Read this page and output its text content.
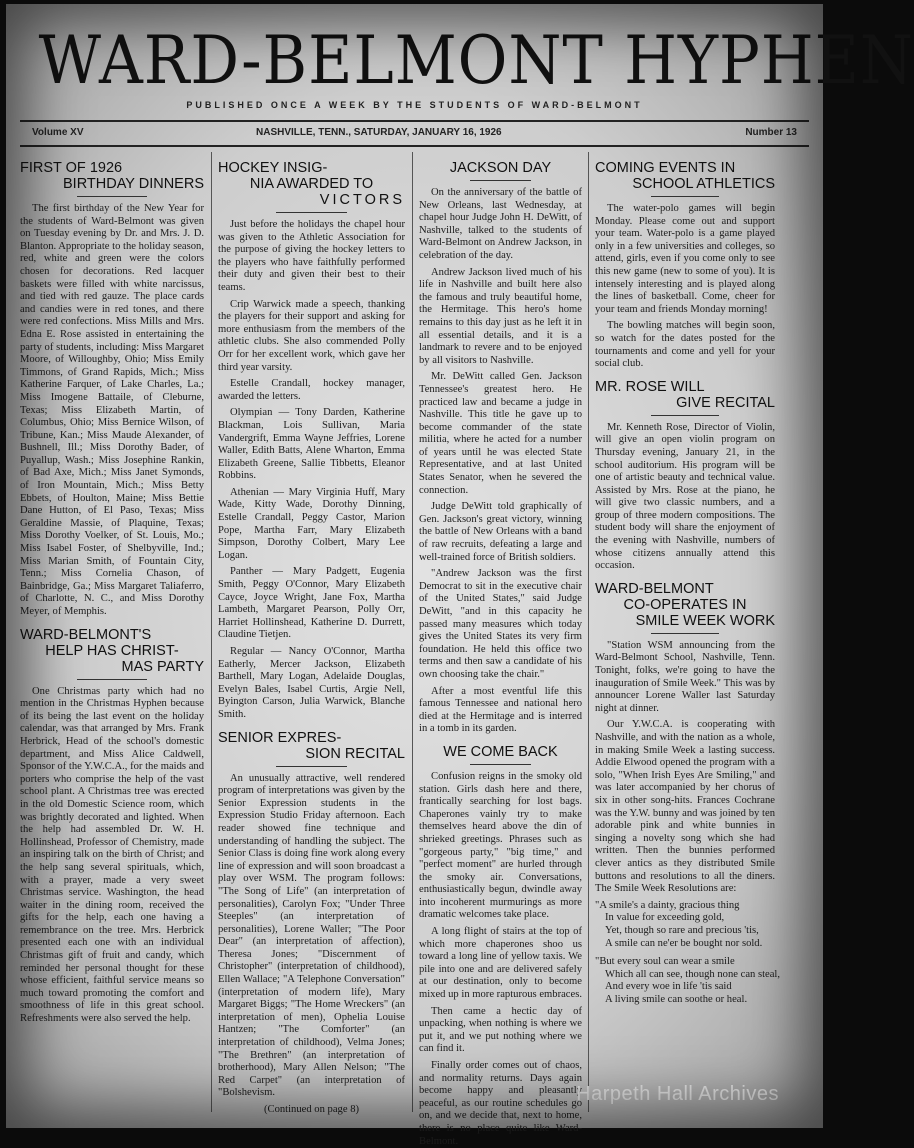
WARD-BELMONT HYPHEN
PUBLISHED ONCE A WEEK BY THE STUDENTS OF WARD-BELMONT
Volume XV	NASHVILLE, TENN., SATURDAY, JANUARY 16, 1926	Number 13
FIRST OF 1926
BIRTHDAY DINNERS

The first birthday of the New Year for the students of Ward-Belmont was given on Tuesday evening by Dr. and Mrs. J. D. Blanton. Appropriate to the holiday season, red, white and green were the colors chosen for decorations. Red lacquer baskets were filled with white narcissus, and tied with red gauze. The place cards and candies were in red tones, and there were red confections. Miss Mills and Mrs. Edna E. Rose assisted in entertaining the party of students, including: Miss Margaret Moore, of Willoughby, Ohio; Miss Emily Timmons, of Grand Rapids, Mich.; Miss Katherine Farquer, of Lake Charles, La.; Miss Imogene Battaile, of Cleburne, Texas; Miss Elizabeth Martin, of Columbus, Ohio; Miss Bernice Wilson, of Tribune, Kan.; Miss Maude Alexander, of Bushnell, Ill.; Miss Dorothy Bader, of Puyallup, Wash.; Miss Josephine Rankin, of Bad Axe, Mich.; Miss Janet Symonds, of Iron Mountain, Mich.; Miss Betty Ebbets, of Houlton, Maine; Miss Bettie Dane Hutton, of El Paso, Texas; Miss Geraldine Massie, of Plaquine, Texas; Miss Dorothy Voelker, of St. Louis, Mo.; Miss Isabel Foster, of Shelbyville, Ind.; Miss Marian Smith, of Fountain City, Tenn.; Miss Cornelia Chason, of Bainbridge, Ga.; Miss Margaret Taliaferro, of Charlotte, N. C., and Miss Dorothy Meyer, of Memphis.

WARD-BELMONT'S
HELP HAS CHRIST-
MAS PARTY

One Christmas party which had no mention in the Christmas Hyphen because of its being the last event on the holiday calendar, was that arranged by Mrs. Frank Herbrick, Head of the school's domestic department, and Miss Alice Caldwell, Sponsor of the Y.W.C.A., for the maids and porters who comprise the help of the vast school plant. A Christmas tree was erected in the old Domestic Science room, which was brightly decorated and lighted. When the help had assembled Dr. W. H. Hollinshead, Professor of Chemistry, made an inspiring talk on the birth of Christ; and the help sang several spirituals, which, with a prayer, made a very sweet Christmas service. Washington, the head waiter in the dining room, received the gifts for the help, each one having a remembrance on the tree. Mrs. Herbrick presented each one with an individual Christmas gift of fruit and candy, which reminded her personal thought for these whose efficient, faithful service means so much toward promoting the comfort and smoothness of life in this great school. Refreshments were also served the help.

HOCKEY INSIG-
NIA AWARDED TO
VICTORS

Just before the holidays the chapel hour was given to the Athletic Association for the purpose of giving the hockey letters to the players who have faithfully performed their duty and given their best to their teams.

Crip Warwick made a speech, thanking the players for their support and asking for more enthusiasm from the members of the athletic clubs. She also commended Polly Orr for her excellent work, which gave her third year varsity.

Estelle Crandall, hockey manager, awarded the letters.

Olympian — Tony Darden, Katherine Blackman, Lois Sullivan, Maria Vandergrift, Emma Wayne Jeffries, Lorene Waller, Edith Batts, Alene Wharton, Emma Elizabeth Greene, Sallie Tibbetts, Eleanor Robbins.

Athenian — Mary Virginia Huff, Mary Wade, Kitty Wade, Dorothy Dinning, Estelle Crandall, Peggy Castor, Marion Pope, Martha Farr, Mary Elizabeth Simpson, Dorothy Colbert, Mary Lee Logan.

Panther — Mary Padgett, Eugenia Smith, Peggy O'Connor, Mary Elizabeth Cayce, Joyce Wright, Jane Fox, Martha Lambeth, Margaret Pearson, Polly Orr, Harriet Hollinshead, Katherine D. Durrett, Claudine Tietjen.

Regular — Nancy O'Connor, Martha Eatherly, Mercer Jackson, Elizabeth Barthell, Mary Logan, Adelaide Douglas, Evelyn Bales, Isabel Curtis, Argie Nell, Byington Carson, Julia Warwick, Blanche Smith.

SENIOR EXPRES-
SION RECITAL

An unusually attractive, well rendered program of interpretations was given by the Senior Expression students in the Expression Studio Friday afternoon. Each reader showed fine technique and understanding of handling the subject. The Senior Class is doing fine work along every line of expression and will soon broadcast a play over WSM. The program follows: "The Song of Life" (an interpretation of personalities), Carolyn Fox; "Under Three Steeples" (an interpretation of personalities), Lorene Waller; "The Poor Dear" (an interpretation of affection), Theresa Jones; "Discernment of Christopher" (interpretation of childhood), Ellen Wallace; "A Telephone Conversation" (interpretation of modern life), Mary Margaret Biggs; "The Home Wreckers" (an interpretation of men), Ophelia Louise Hantzen; "The Comforter" (an interpretation of childhood), Velma Jones; "The Brethren" (an interpretation of brotherhood), Mary Allen Nelson; "The Red Carpet" (an interpretation of "Bolshevism.

(Continued on page 8)

JACKSON DAY

On the anniversary of the battle of New Orleans, last Wednesday, at chapel hour Judge John H. DeWitt, of Nashville, talked to the students of Ward-Belmont on Andrew Jackson, in celebration of the day.

Andrew Jackson lived much of his life in Nashville and built here also the famous and truly beautiful home, the Hermitage. This hero's home remains to this day just as he left it in all essential details, and it is a landmark to revere and to be enjoyed by all visitors to Nashville.

Mr. DeWitt called Gen. Jackson Tennessee's greatest hero. He practiced law and became a judge in Nashville. This title he gave up to become commander of the state militia, where he acted for a number of years until he was elected State Representative, and at last United States Senator, when he severed the connection.

Judge DeWitt told graphically of Gen. Jackson's great victory, winning the battle of New Orleans with a band of raw recruits, defeating a large and well-trained force of British soldiers.

"Andrew Jackson was the first Democrat to sit in the executive chair of the United States," said Judge DeWitt, "and in this capacity he passed many measures which today gives the United States its very firm foundation. He held this office two terms and then saw a candidate of his own choosing take the chair."

After a most eventful life this famous Tennessee and national hero died at the Hermitage and is interred in a tomb in its garden.

WE COME BACK

Confusion reigns in the smoky old station. Girls dash here and there, frantically searching for lost bags. Chaperones vainly try to make themselves heard above the din of shrieked greetings. Phrases such as "gorgeous party," "big time," and "perfect moment" are hurled through the smoky air. Conversations, enthusiastically begun, dwindle away into incoherent murmurings as more dramatic welcomes take place.

A long flight of stairs at the top of which more chaperones shoo us toward a long line of yellow taxis. We pile into one and are delivered safely at our destination, only to become mixed up in more rapturous embraces.

Then came a hectic day of unpacking, when nothing is where we put it, and we put nothing where we can find it.

Finally order comes out of chaos, and normality returns. Days again become happy and pleasantly peaceful, as our routine schedules go on, and we decide that, next to home, there is no place quite like Ward-Belmont.

COMING EVENTS IN
SCHOOL ATHLETICS

The water-polo games will begin Monday. Please come out and support your team. Water-polo is a game played only in a few universities and colleges, so attend, girls, even if you come only to see this new game (new to some of you). It is intensely interesting and is played along the lines of basketball. Come, cheer for your team and friends Monday morning!

The bowling matches will begin soon, so watch for the dates posted for the tournaments and come and yell for your social club.

MR. ROSE WILL
GIVE RECITAL

Mr. Kenneth Rose, Director of Violin, will give an open violin program on Thursday evening, January 21, in the school auditorium. His program will be one of artistic beauty and technical value. Assisted by Mrs. Rose at the piano, he will give two classic numbers, and a group of three modern compositions. The student body will share the enjoyment of the evening with Nashville, numbers of whose citizens annually attend this occasion.

WARD-BELMONT
CO-OPERATES IN
SMILE WEEK WORK

"Station WSM announcing from the Ward-Belmont School, Nashville, Tenn. Tonight, folks, we're going to have the inauguration of Smile Week." This was by announcer Lorene Waller last Saturday night at dinner.

Our Y.W.C.A. is cooperating with Nashville, and with the nation as a whole, in making Smile Week a lasting success. Addie Elwood opened the program with a solo, "When Irish Eyes Are Smiling," and was later accompanied by her chorus of six in other song-hits. Frances Cochrane was the Y.W. bunny and was joined by ten adorable pink and white bunnies in singing a novelty song which she had written. Then the bunnies performed clever antics as they distributed Smile buttons and resolutions to all the diners. The Smile Week Resolutions are:

"A smile's a dainty, gracious thing
In value for exceeding gold,
Yet, though so rare and precious 'tis,
A smile can ne'er be bought nor sold.
"But every soul can wear a smile
Which all can see, though none can steal,
And every woe in life 'tis said
A living smile can soothe or heal.
Harpeth Hall Archives
